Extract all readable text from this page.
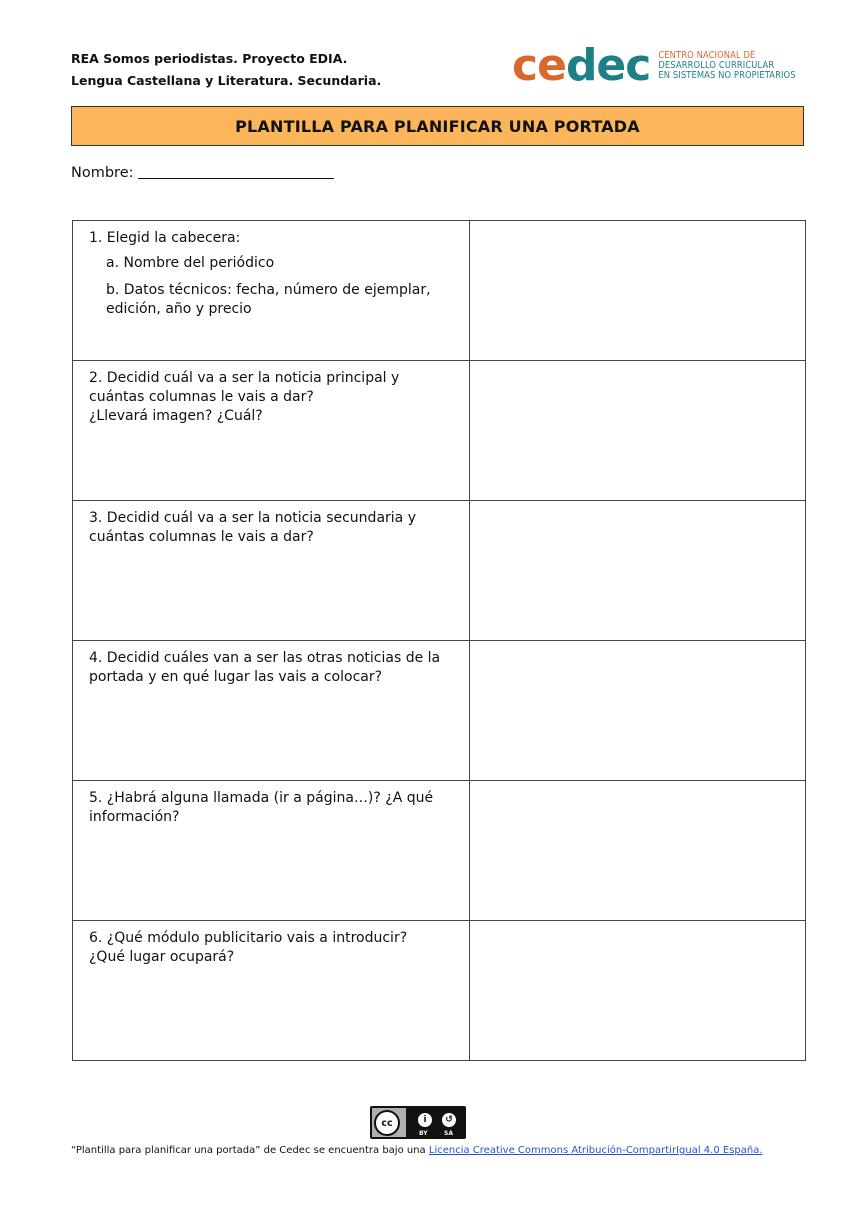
REA Somos periodistas. Proyecto EDIA.
Lengua Castellana y Literatura. Secundaria.	cedec CENTRO NACIONAL DE
DESARROLLO CURRICULAR
EN SISTEMAS NO PROPIETARIOS
PLANTILLA PARA PLANIFICAR UNA PORTADA
Nombre:
1. Elegid la cabecera:
a. Nombre del periódico
b. Datos técnicos: fecha, número de ejemplar, edición, año y precio	

2. Decidid cuál va a ser la noticia principal y cuántas columnas le vais a dar?
¿Llevará imagen? ¿Cuál?	

3. Decidid cuál va a ser la noticia secundaria y cuántas columnas le vais a dar?	

4. Decidid cuáles van a ser las otras noticias de la portada y en qué lugar las vais a colocar?	

5. ¿Habrá alguna llamada (ir a página…)? ¿A qué información?	

6. ¿Qué módulo publicitario vais a introducir?
¿Qué lugar ocupará?	

cc	i	↺
BY	SA
“Plantilla para planificar una portada” de Cedec se encuentra bajo una Licencia Creative Commons Atribución-CompartirIgual 4.0 España.
